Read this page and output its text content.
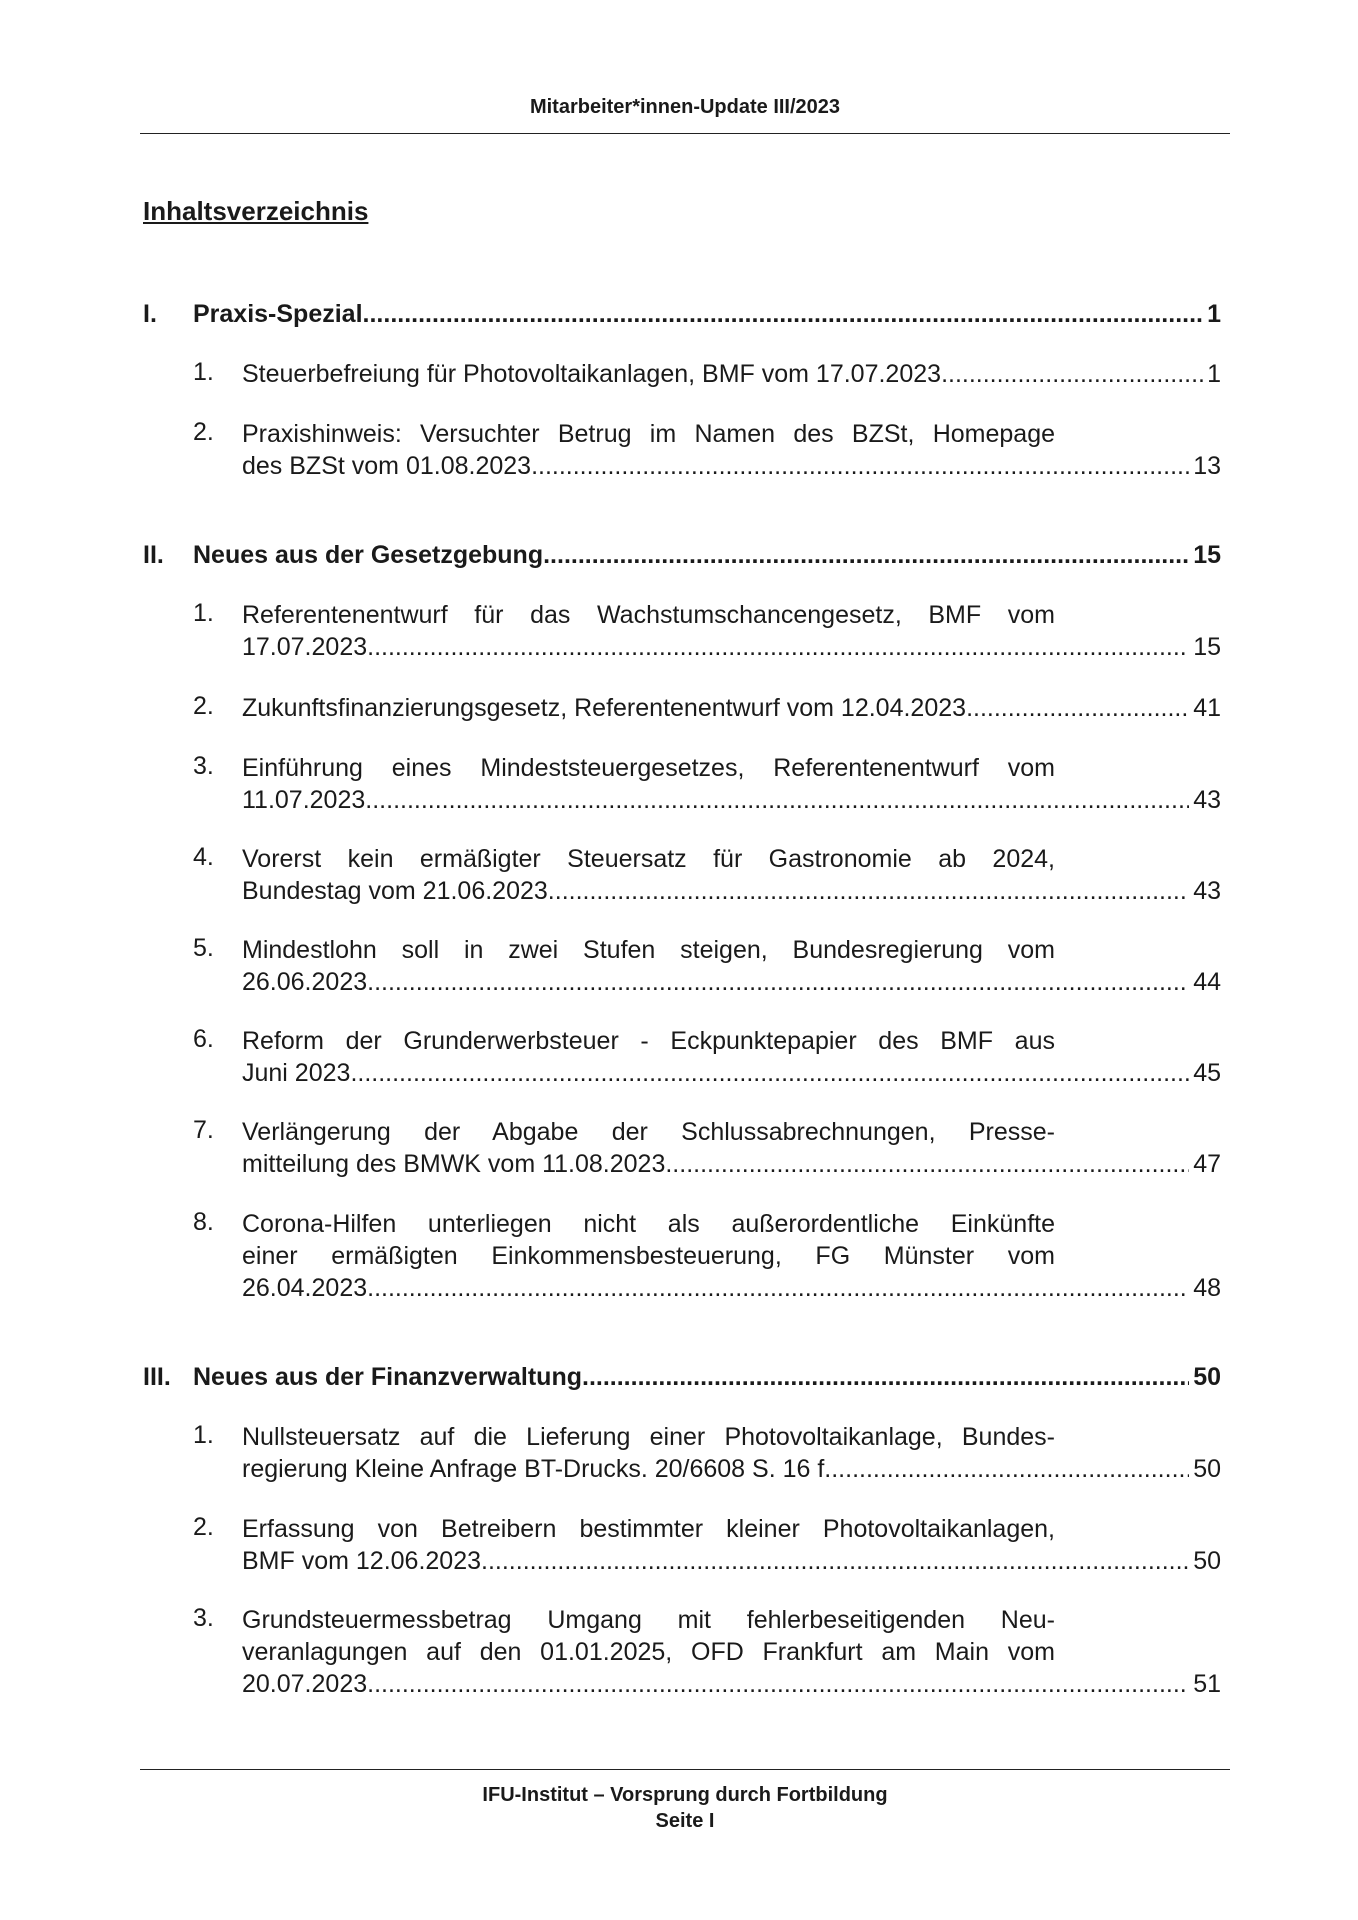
Mitarbeiter*innen-Update III/2023
Inhaltsverzeichnis
I. Praxis-Spezial .....	1
1. Steuerbefreiung für Photovoltaikanlagen, BMF vom 17.07.2023 .....	1
2. Praxishinweis: Versuchter Betrug im Namen des BZSt, Homepage
des BZSt vom 01.08.2023 .....	13
II. Neues aus der Gesetzgebung .....	15
1. Referentenentwurf für das Wachstumschancengesetz, BMF vom
17.07.2023 .....	15
2. Zukunftsfinanzierungsgesetz, Referentenentwurf vom 12.04.2023 .....	41
3. Einführung eines Mindeststeuergesetzes, Referentenentwurf vom
11.07.2023 .....	43
4. Vorerst kein ermäßigter Steuersatz für Gastronomie ab 2024,
Bundestag vom 21.06.2023 .....	43
5. Mindestlohn soll in zwei Stufen steigen, Bundesregierung vom
26.06.2023 .....	44
6. Reform der Grunderwerbsteuer - Eckpunktepapier des BMF aus
Juni 2023 .....	45
7. Verlängerung der Abgabe der Schlussabrechnungen, Presse-
mitteilung des BMWK vom 11.08.2023 .....	47
8. Corona-Hilfen unterliegen nicht als außerordentliche Einkünfte
einer ermäßigten Einkommensbesteuerung, FG Münster vom
26.04.2023 .....	48
III. Neues aus der Finanzverwaltung .....	50
1. Nullsteuersatz auf die Lieferung einer Photovoltaikanlage, Bundes-
regierung Kleine Anfrage BT-Drucks. 20/6608 S. 16 f. .....	50
2. Erfassung von Betreibern bestimmter kleiner Photovoltaikanlagen,
BMF vom 12.06.2023 .....	50
3. Grundsteuermessbetrag Umgang mit fehlerbeseitigenden Neu-
veranlagungen auf den 01.01.2025, OFD Frankfurt am Main vom
20.07.2023 .....	51
IFU-Institut – Vorsprung durch Fortbildung
Seite I
